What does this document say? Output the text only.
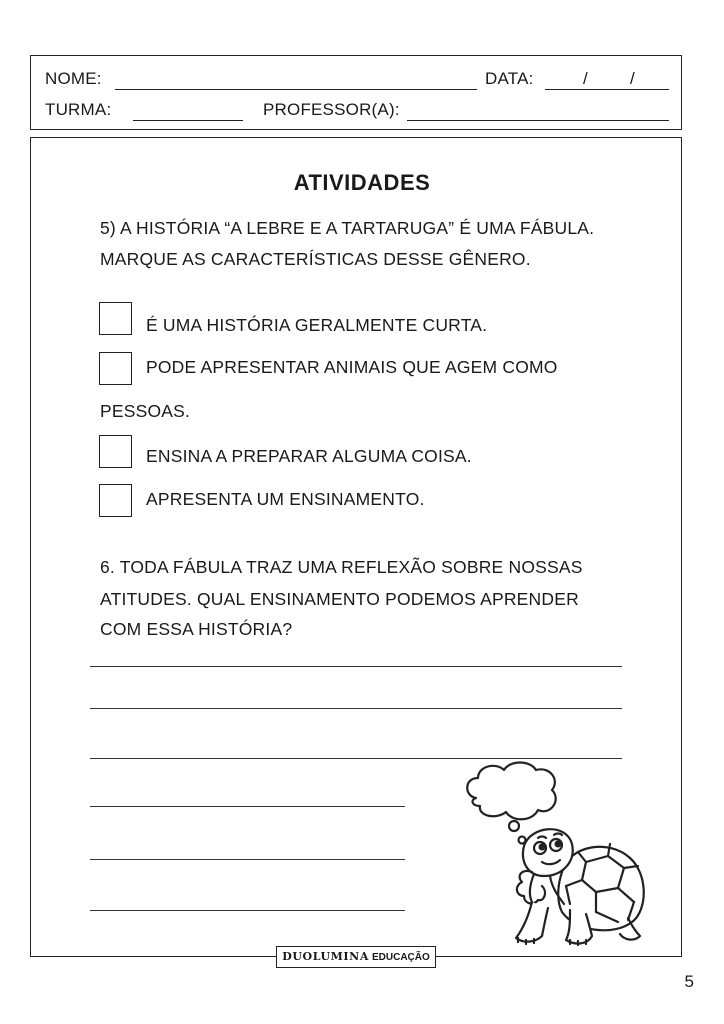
NOME:	DATA:	/ /
TURMA:	PROFESSOR(A):
ATIVIDADES
5) A HISTÓRIA “A LEBRE E A TARTARUGA” É UMA FÁBULA.
MARQUE AS CARACTERÍSTICAS DESSE GÊNERO.
É UMA HISTÓRIA GERALMENTE CURTA.
PODE APRESENTAR ANIMAIS QUE AGEM COMO
PESSOAS.
ENSINA A PREPARAR ALGUMA COISA.
APRESENTA UM ENSINAMENTO.
6. TODA FÁBULA TRAZ UMA REFLEXÃO SOBRE NOSSAS
ATITUDES. QUAL ENSINAMENTO PODEMOS APRENDER
COM ESSA HISTÓRIA?
DUOLUMINA EDUCAÇÃO
5
